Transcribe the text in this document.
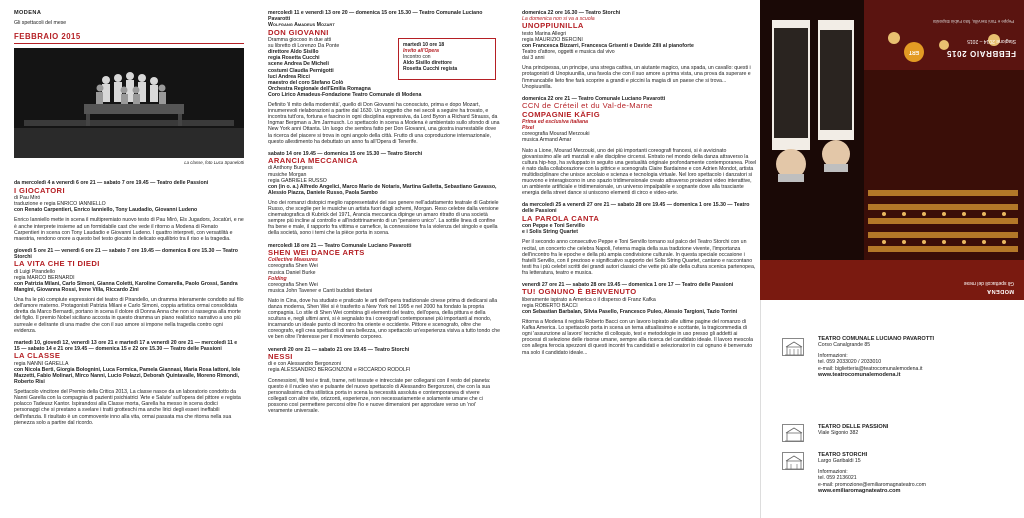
MODENA
Gli spettacoli del mese
FEBBRAIO 2015
La classe, foto Luca Spanelotti
da mercoledì 4 a venerdì 6 ore 21 — sabato 7 ore 19.45 — Teatro delle Passioni
I GIOCATORI
di Pau Miró
traduzione e regia ENRICO IANNIELLO
con Renato Carpentieri, Enrico Ianniello, Tony Laudadio, Giovanni Ludeno
Enrico Ianniello mette in scena il multipremiato nuovo testo di Pau Miró, Els Jugadors, Jocatùri, e ne è anche interprete insieme ad un formidabile cast che vede il ritorno a Modena di Renato Carpentieri in scena con Tony Laudadio e Giovanni Ludeno. I quattro interpreti, con versatilità e maestria, rendono onore a questo bel testo giocato in delicato equilibrio tra il riso e la tragedia.
giovedì 5 ore 21 — venerdì 6 ore 21 — sabato 7 ore 19.45 — domenica 8 ore 15.30 — Teatro Storchi
LA VITA CHE TI DIEDI
di Luigi Pirandello
regia MARCO BERNARDI
con Patrizia Milani, Carlo Simoni, Gianna Coletti, Karoline Comarella, Paolo Grossi, Sandra Mangini, Giovanna Rossi, Irene Villa, Riccardo Zini
Una fra le più compiute espressioni del teatro di Pirandello, un dramma interamente condotto sul filo dell'amore materno. Protagonisti Patrizia Milani e Carlo Simoni, coppia artistica ormai consolidata diretta da Marco Bernardi, portano in scena il dolore di Donna Anna che non si rassegna alla morte del figlio. Il premio Nobel siciliano accosta in questo dramma un piano realistico narrativo a uno più surreale e delirante di una madre che con il suo amore si impone nella tragedia contro ogni evidenza.
martedì 10, giovedì 12, venerdì 13 ore 21 e martedì 17 a venerdì 20 ore 21 — mercoledì 11 e 15 — sabato 14 e 21 ore 19.45 — domenica 15 e 22 ore 15.30 — Teatro delle Passioni
LA CLASSE
regia NANNI GARELLA
con Nicola Berti, Giorgia Bolognini, Luca Formica, Pamela Giannasi, Maria Rosa Iattoni, Iole Mazzetti, Fabio Molinari, Mirco Nanni, Lucio Polazzi, Deborah Quintavalle, Moreno Rimondi, Roberto Risi
Spettacolo vincitore del Premio della Critica 2013, La classe nasce da un laboratorio condotto da Nanni Garella con la compagnia di pazienti psichiatrici 'Arte e Salute' sull'opera del pittore e regista polacco Tadeusz Kantor. Ispirandosi alla Classe morta, Garella ha messo in scena dodici personaggi che si prestano a svelare i tratti grotteschi ma anche lirici degli esseri ineffabili dell'infanzia. Il risultato è un commovente inno alla vita, ormai passata ma che ritorna nella sua pienezza solo a partire dal ricordo.
mercoledì 11 e venerdì 13 ore 20 — domenica 15 ore 15.30 — Teatro Comunale Luciano Pavarotti
Wolfgang Amadeus Mozart
DON GIOVANNI
Dramma giocoso in due atti
su libretto di Lorenzo Da Ponte
direttore Aldo Sisillo
regia Rosetta Cucchi
scene Andrea De Micheli
costumi Claudia Pernigotti
luci Andrea Ricci
maestro del coro Stefano Colò
Orchestra Regionale dell'Emilia Romagna
Coro Lirico Amadeus-Fondazione Teatro Comunale di Modena
Definito 'il mito della modernità', quello di Don Giovanni ha conosciuto, prima e dopo Mozart, innumerevoli rielaborazioni a partire dal 1630. Un soggetto che nei secoli a seguire ha trovato, e incontra tutt'ora, fortuna e fascino in ogni disciplina espressiva, da Lord Byron a Richard Strauss, da Ingmar Bergman a Jim Jarmusch. Lo spettacolo in scena a Modena è ambientato sullo sfondo di una New York anni Ottanta. Un luogo che sembra fatto per Don Giovanni, una giostra inarrestabile dove la ricerca del piacere si trova in ogni angolo della città. Frutto di una coproduzione internazionale, questo allestimento ha debuttato un anno fa all'Opera di Tenerife.
sabato 14 ore 19.45 — domenica 15 ore 15.30 — Teatro Storchi
ARANCIA MECCANICA
di Anthony Burgess
musiche Morgan
regia GABRIELE RUSSO
con (in o. a.) Alfredo Angelici, Marco Mario de Notaris, Martina Galletta, Sebastiano Gavasso, Alessio Piazza, Daniele Russo, Paola Sambo
Uno dei romanzi distopici meglio rappresentativi del suo genere nell'adattamento teatrale di Gabriele Russo, che sceglie per le musiche un artista fuori dagli schemi, Morgan. Reso celebre dalla versione cinematografica di Kubrick del 1971, Arancia meccanica dipinge un amaro ritratto di una società sempre più incline al controllo e all'indottrinamento di un "pensiero unico". La sottile linea di confine fra bene e male, il rapporto fra vittima e carnefice, la connessione fra la violenza del singolo e quella della società, sono i temi che la pièce porta in scena.
mercoledì 18 ore 21 — Teatro Comunale Luciano Pavarotti
SHEN WEI DANCE ARTS
Collective Measures
coreografia Shen Wei
musica Daniel Burke
Folding
coreografia Shen Wei
musica John Tavener e Canti buddisti tibetani
Nato in Cina, dove ha studiato e praticato le arti dell'opera tradizionale cinese prima di dedicarsi alla danza moderna, Shen Wei si è trasferito a New York nel 1995 e nel 2000 ha fondato la propria compagnia. Lo stile di Shen Wei combina gli elementi del teatro, dell'opera, della pittura e della scultura e, negli ultimi anni, si è segnalato tra i coreografi contemporanei più importanti al mondo, incarnando un ideale punto di incontro fra oriente e occidente. Pittore e scenografo, oltre che coreografo, egli crea spettacoli di rara bellezza, uno spettacolo un'esperienza visiva a tutto tondo che ve ben oltre l'interesse per il movimento corporeo.
venerdì 20 ore 21 — sabato 21 ore 19.45 — Teatro Storchi
NESSI
di e con Alessandro Bergonzoni
regia ALESSANDRO BERGONZONI e RICCARDO RODOLFI
Connessioni, fili tesi e tirati, trame, reti tessute e intrecciate per collegarsi con il resto del pianeta: questo è il nucleo vivo e pulsante del nuovo spettacolo di Alessandro Bergonzoni, che con la sua personalissima cifra stilistica porta in scena la necessità assoluta e contemporanea di vivere collegati con altre vite, orizzonti, esperienze, non necessariamente e solamente umane che ci possono così permettere percorsi oltre l'io e nuove dimensioni per approdare verso un 'noi' veramente universale.
martedì 10 ore 18
Invito all'Opera
Incontro con
Aldo Sisillo direttore
Rosetta Cucchi regista
domenica 22 ore 16.30 — Teatro Storchi
La domenica non si va a scuola
UNOPPIUNILLA
testo Marina Allegri
regia MAURIZIO BERCINI
con Francesca Bizzarri, Francesca Grisenti e Davide Zilli al pianoforte
Teatro d'attore, oggetti e musica dal vivo
dai 3 anni
Una principessa, un principe, una strega cattiva, un aiutante magico, una spada, un cavallo: questi i protagonisti di Unopiuunilla, una favola che con il suo amore a prima vista, una prova da superare e l'immancabile lieto fine farà scoprire a grandi e piccini la magia di un paese che si trova... Unopiuunilla.
domenica 22 ore 21 — Teatro Comunale Luciano Pavarotti
CCN de Créteil et du Val-de-Marne
COMPAGNIE KÄFIG
Prima ed esclusiva italiana
Pixel
coreografia Mourad Merzouki
musica Armand Amar
Nato a Lione, Mourad Merzouki, uno dei più importanti coreografi francesi, si è avvicinato giovanissimo alle arti marziali e alle discipline circensi. Entrato nel mondo della danza attraverso la cultura hip-hop, ha sviluppato in seguito una gestualità originale profondamente contemporanea. Pixel è nato dalla collaborazione con la pittrice e scenografa Claire Bardainne e con Adrien Mondot, artista multidisciplinare che unisce arcolaio e scienza e tecnologia virtuale. Nel loro spettacolo i danzatori si muovono e interagiscono in uno spazio tridimensionale creato attraverso proiezioni video interattive, un ambiente artificiale e tridimensionale, un universo impalpabile e sognante dove alla trasciante energia della street dance si uniscono elementi di circo e video-arte.
da mercoledì 25 a venerdì 27 ore 21 — sabato 28 ore 19.45 — domenica 1 ore 15.30 — Teatro delle Passioni
LA PAROLA CANTA
con Peppe e Toni Servillo
e i Solis String Quartet
Per il secondo anno consecutivo Peppe e Toni Servillo tornano sul palco del Teatro Storchi con un recital, un concerto che celebra Napoli, l'eterna magia della sua tradizione vivente, l'importanza dell'incontro fra le epoche e della più ampia condivisione culturale. In questa speciale occasione i fratelli Servillo, con il prezioso e significativo supporto dei Solis String Quartet, cantano e raccontano testi fra i più celebri scritti dei grandi autori classici che vette più alte della cultura scenica partenopea, fra letteratura, teatro e musica.
venerdì 27 ore 21 — sabato 28 ore 19.45 — domenica 1 ore 17 — Teatro delle Passioni
TU! OGNUNO È BENVENUTO
liberamente ispirato a America o il disperso di Franz Kafka
regia ROBERTO BACCI
con Sebastian Barbalan, Silvia Pasello, Francesco Puleo, Alessio Targioni, Tazio Torrini
Ritorna a Modena il regista Roberto Bacci con un lavoro ispirato alle ultime pagine del romanzo di Kafka America. Lo spettacolo porta in scena un tema attualissimo e scottante, la tragicommedia di ogni 'assunzione al lavoro' tecniche di colloquio, test e metodologie in uso presso gli addetti ai processi di selezione delle risorse umane, sempre alla ricerca del candidato ideale. Il lavoro mescola con allegra ferocia spezzoni di questi incontri fra candidati e selezionatori in cui ognuno è benvenuto ma solo il candidato ideale...
MODENA
Gli spettacoli del mese
FEBBRAIO 2015
Stagione 2014 – 2015
Peppe e Toni Servillo, foto Fabio Esposito
ERT
TEATRO COMUNALE LUCIANO PAVAROTTI
Corso Canalgrande 85
Informazioni:
tel. 059 2033020 / 2033010
e-mail: biglietteria@teatrocomunalemodena.it
www.teatrocomunalemodena.it
TEATRO DELLE PASSIONI
Viale Sigonio 382
TEATRO STORCHI
Largo Garibaldi 15
Informazioni:
tel. 059 2136021
e-mail: promozione@emiliaromagnateatro.com
www.emiliaromagnateatro.com
